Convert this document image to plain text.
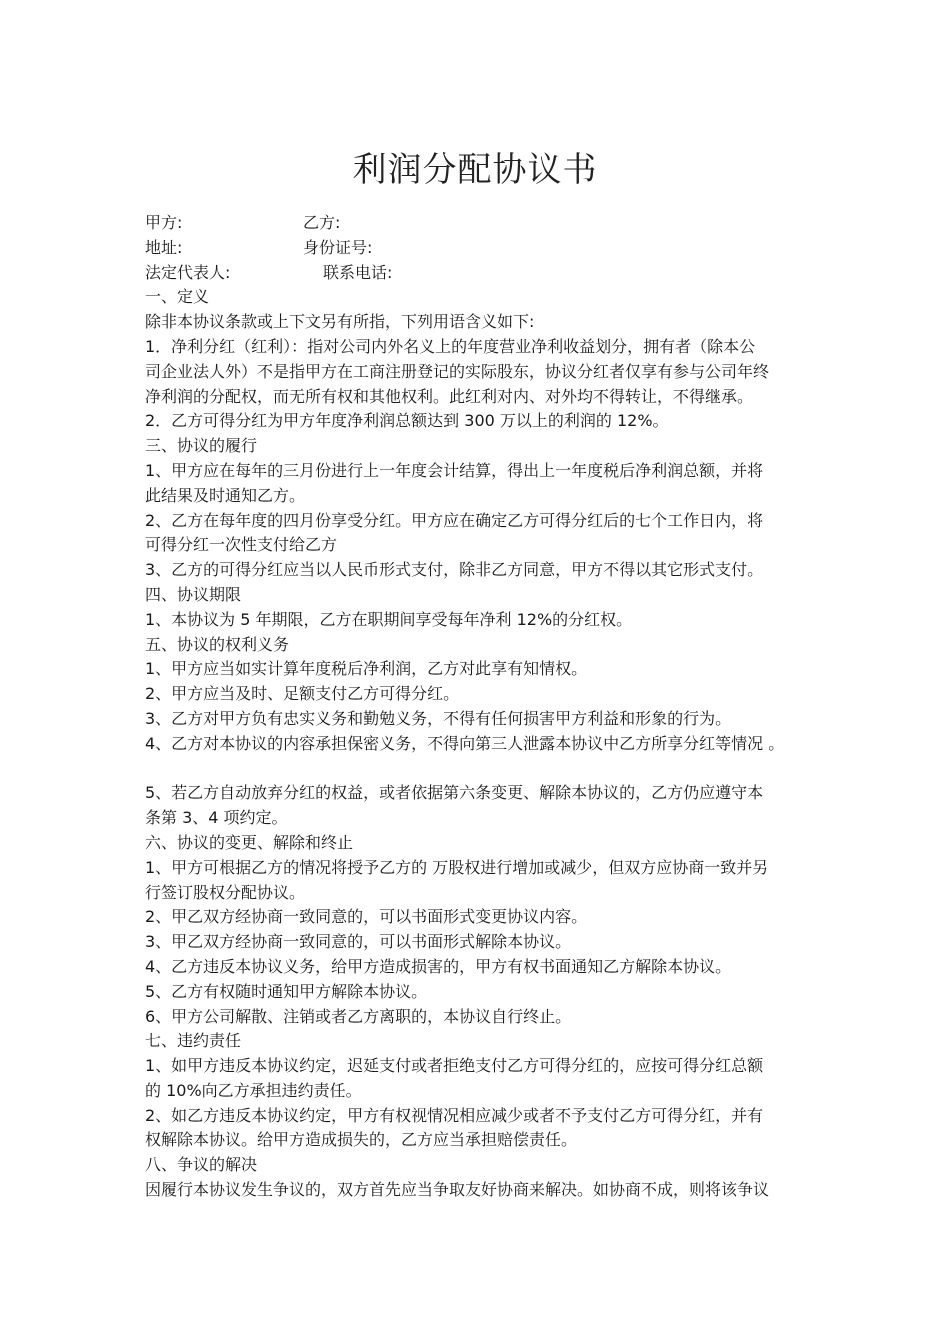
利润分配协议书
甲方:	乙方:
地址:	身份证号:
法定代表人:	联系电话:
一、定义
除非本协议条款或上下文另有所指，下列用语含义如下:
1．净利分红（红利）：指对公司内外名义上的年度营业净利收益划分，拥有者（除本公
司企业法人外）不是指甲方在工商注册登记的实际股东，协议分红者仅享有参与公司年终
净利润的分配权，而无所有权和其他权利。此红利对内、对外均不得转让，不得继承。
2．乙方可得分红为甲方年度净利润总额达到 300 万以上的利润的 12%。
三、协议的履行
1、甲方应在每年的三月份进行上一年度会计结算，得出上一年度税后净利润总额，并将
此结果及时通知乙方。
2、乙方在每年度的四月份享受分红。甲方应在确定乙方可得分红后的七个工作日内，将
可得分红一次性支付给乙方
3、乙方的可得分红应当以人民币形式支付，除非乙方同意，甲方不得以其它形式支付。
四、协议期限
1、本协议为 5 年期限，乙方在职期间享受每年净利 12%的分红权。
五、协议的权利义务
1、甲方应当如实计算年度税后净利润，乙方对此享有知情权。
2、甲方应当及时、足额支付乙方可得分红。
3、乙方对甲方负有忠实义务和勤勉义务，不得有任何损害甲方利益和形象的行为。
4、乙方对本协议的内容承担保密义务，不得向第三人泄露本协议中乙方所享分红等情况 。
5、若乙方自动放弃分红的权益，或者依据第六条变更、解除本协议的，乙方仍应遵守本
条第 3、4 项约定。
六、协议的变更、解除和终止
1、甲方可根据乙方的情况将授予乙方的 万股权进行增加或减少，但双方应协商一致并另
行签订股权分配协议。
2、甲乙双方经协商一致同意的，可以书面形式变更协议内容。
3、甲乙双方经协商一致同意的，可以书面形式解除本协议。
4、乙方违反本协议义务，给甲方造成损害的，甲方有权书面通知乙方解除本协议。
5、乙方有权随时通知甲方解除本协议。
6、甲方公司解散、注销或者乙方离职的，本协议自行终止。
七、违约责任
1、如甲方违反本协议约定，迟延支付或者拒绝支付乙方可得分红的，应按可得分红总额
的 10%向乙方承担违约责任。
2、如乙方违反本协议约定，甲方有权视情况相应减少或者不予支付乙方可得分红，并有
权解除本协议。给甲方造成损失的，乙方应当承担赔偿责任。
八、争议的解决
因履行本协议发生争议的，双方首先应当争取友好协商来解决。如协商不成，则将该争议
